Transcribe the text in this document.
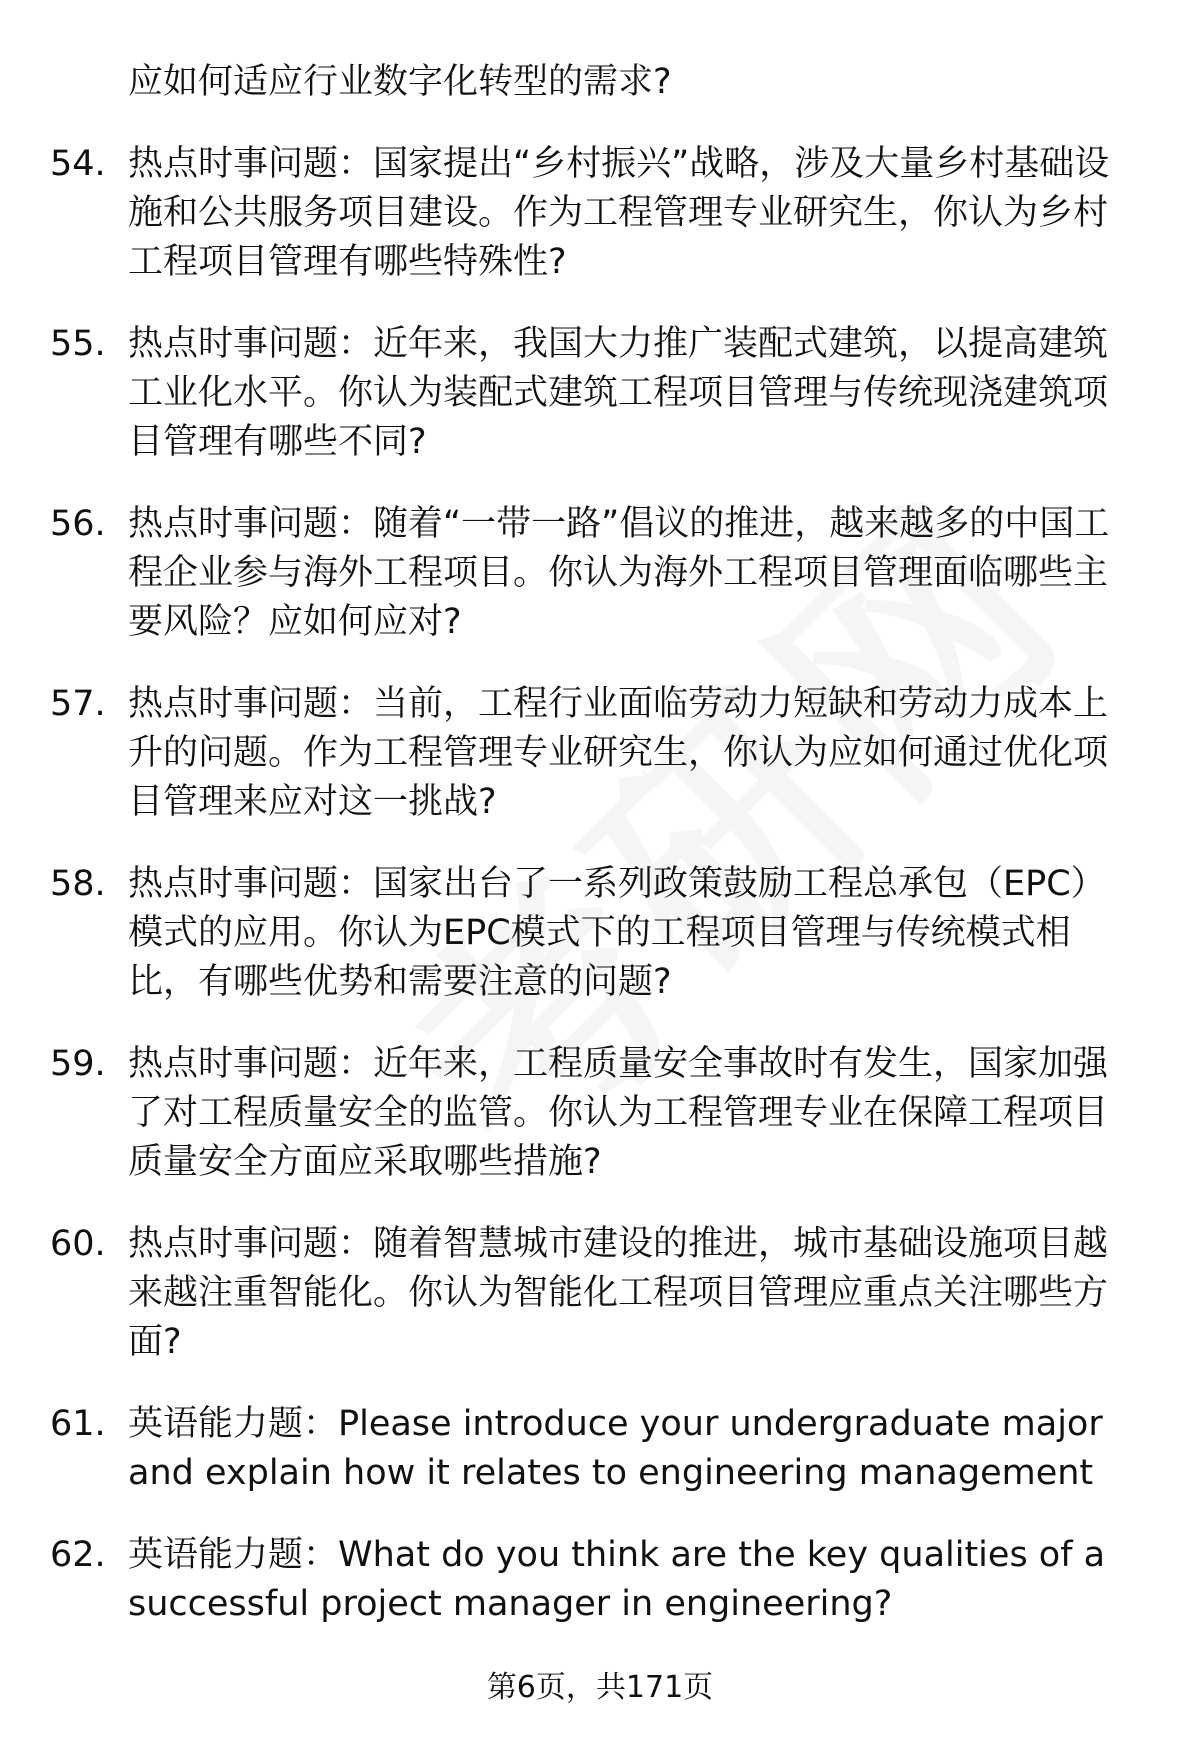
应如何适应行业数字化转型的需求?
54. 热点时事问题：国家提出“乡村振兴”战略，涉及大量乡村基础设施和公共服务项目建设。作为工程管理专业研究生，你认为乡村工程项目管理有哪些特殊性?
55. 热点时事问题：近年来，我国大力推广装配式建筑，以提高建筑工业化水平。你认为装配式建筑工程项目管理与传统现浇建筑项目管理有哪些不同?
56. 热点时事问题：随着“一带一路”倡议的推进，越来越多的中国工程企业参与海外工程项目。你认为海外工程项目管理面临哪些主要风险？应如何应对?
57. 热点时事问题：当前，工程行业面临劳动力短缺和劳动力成本上升的问题。作为工程管理专业研究生，你认为应如何通过优化项目管理来应对这一挑战?
58. 热点时事问题：国家出台了一系列政策鼓励工程总承包（EPC）模式的应用。你认为EPC模式下的工程项目管理与传统模式相比，有哪些优势和需要注意的问题?
59. 热点时事问题：近年来，工程质量安全事故时有发生，国家加强了对工程质量安全的监管。你认为工程管理专业在保障工程项目质量安全方面应采取哪些措施?
60. 热点时事问题：随着智慧城市建设的推进，城市基础设施项目越来越注重智能化。你认为智能化工程项目管理应重点关注哪些方面?
61. 英语能力题：Please introduce your undergraduate major and explain how it relates to engineering management
62. 英语能力题：What do you think are the key qualities of a successful project manager in engineering?
第6页，共171页
